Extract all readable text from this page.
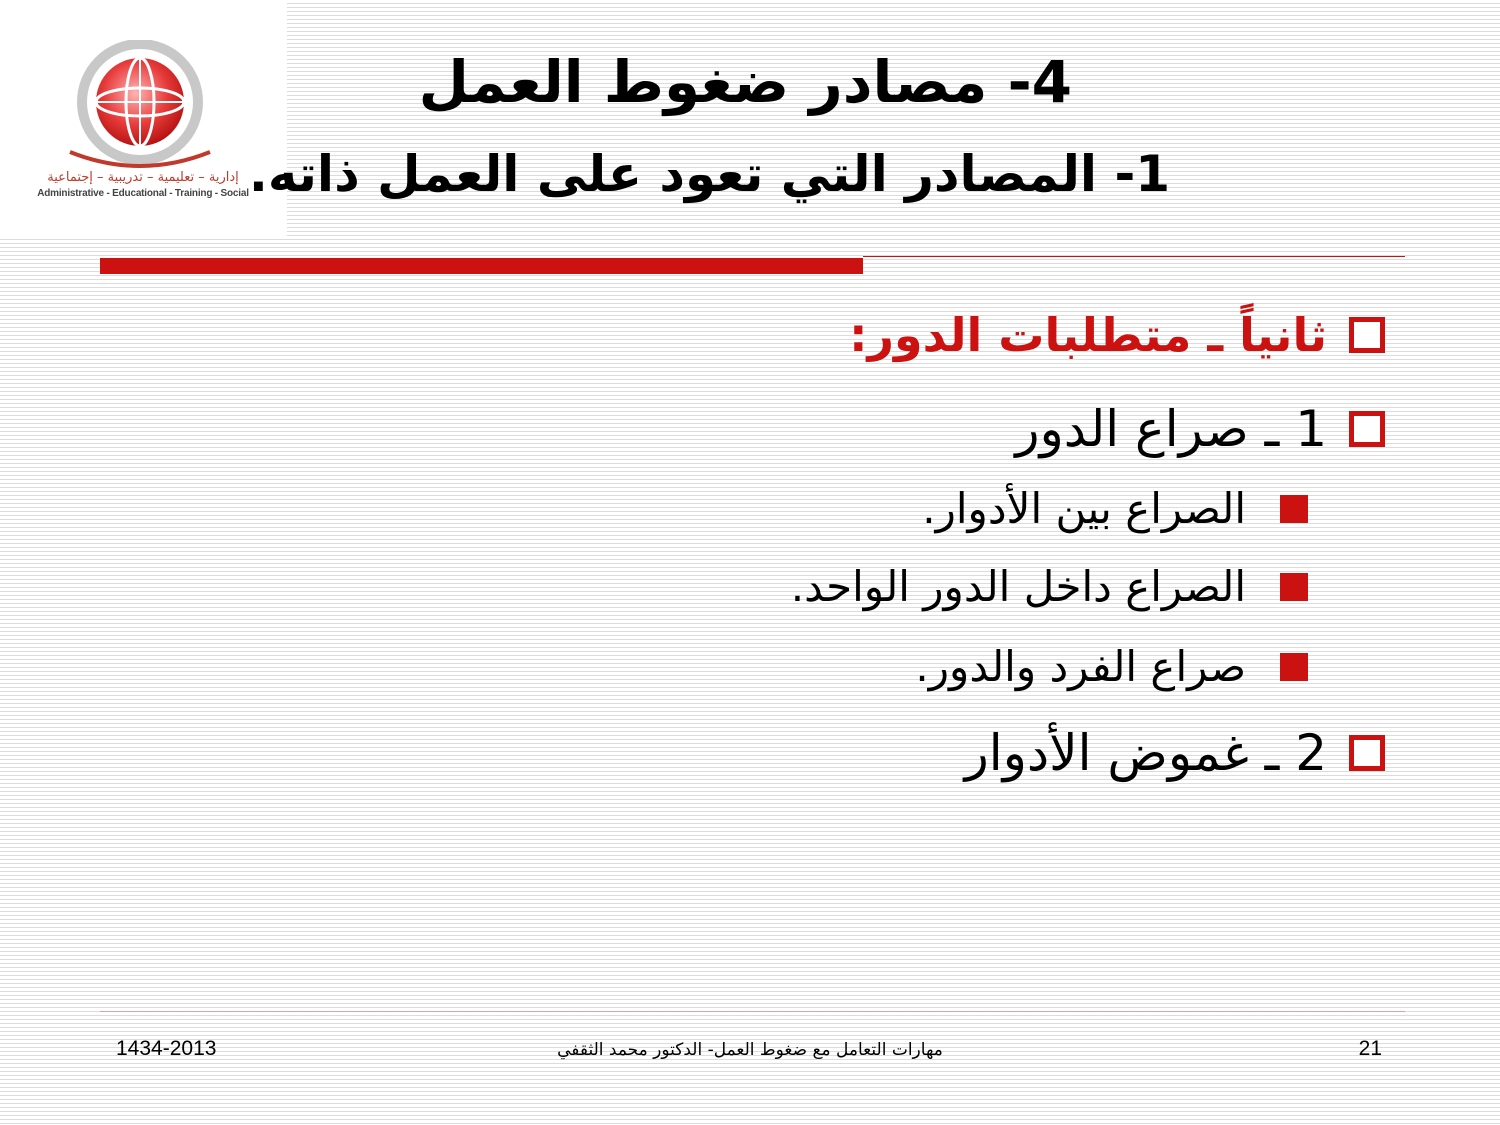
إدارية – تعليمية – تدريبية – إجتماعية
Administrative - Educational - Training - Social
4- مصادر ضغوط العمل
1- المصادر التي تعود على العمل ذاته.
ثانياً ـ متطلبات الدور:
1 ـ صراع الدور
الصراع بين الأدوار.
الصراع داخل الدور الواحد.
صراع الفرد والدور.
2 ـ غموض الأدوار
1434-2013	مهارات التعامل مع ضغوط العمل- الدكتور محمد الثقفي	21
